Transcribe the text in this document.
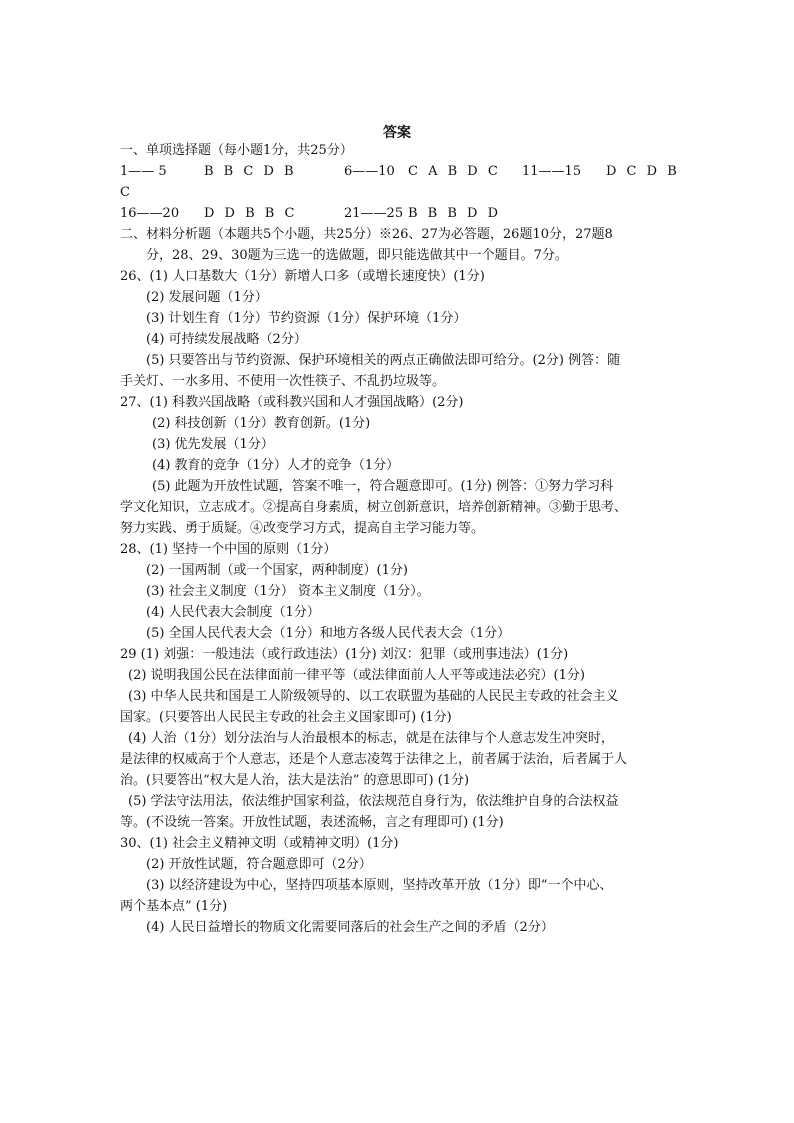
答案
一、单项选择题（每小题1分，共25分）
1—— 5	B B C D B	6——10	C A B D C	11——15	D C D B
C
16——20	D D B B C	21——25 B B B D D
二、材料分析题（本题共5个小题，共25分）※26、27为必答题，26题10分，27题8
分，28、29、30题为三选一的选做题，即只能选做其中一个题目。7分。
26、(1) 人口基数大（1分）新增人口多（或增长速度快）(1分)
(2) 发展问题（1分）
(3) 计划生育（1分）节约资源（1分）保护环境（1分）
(4) 可持续发展战略（2分）
(5) 只要答出与节约资源、保护环境相关的两点正确做法即可给分。(2分) 例答：随
手关灯、一水多用、不使用一次性筷子、不乱扔垃圾等。
27、(1) 科教兴国战略（或科教兴国和人才强国战略）(2分)
(2) 科技创新（1分）教育创新。(1分)
(3) 优先发展（1分）
(4) 教育的竞争（1分）人才的竞争（1分）
(5) 此题为开放性试题，答案不唯一，符合题意即可。(1分) 例答：①努力学习科
学文化知识，立志成才。②提高自身素质，树立创新意识，培养创新精神。③勤于思考、
努力实践、勇于质疑。④改变学习方式，提高自主学习能力等。
28、(1) 坚持一个中国的原则（1分）
(2) 一国两制（或一个国家，两种制度）(1分)
(3) 社会主义制度（1分） 资本主义制度（1分）。
(4) 人民代表大会制度（1分）
(5) 全国人民代表大会（1分）和地方各级人民代表大会（1分）
29 (1) 刘强：一般违法（或行政违法）(1分) 刘汉：犯罪（或刑事违法）(1分)
(2) 说明我国公民在法律面前一律平等（或法律面前人人平等或违法必究）(1分)
(3) 中华人民共和国是工人阶级领导的、以工农联盟为基础的人民民主专政的社会主义
国家。(只要答出人民民主专政的社会主义国家即可) (1分)
(4) 人治（1分）划分法治与人治最根本的标志，就是在法律与个人意志发生冲突时，
是法律的权威高于个人意志，还是个人意志凌驾于法律之上，前者属于法治，后者属于人
治。(只要答出“权大是人治，法大是法治” 的意思即可) (1分)
(5) 学法守法用法，依法维护国家利益，依法规范自身行为，依法维护自身的合法权益
等。(不设统一答案。开放性试题，表述流畅，言之有理即可) (1分)
30、(1) 社会主义精神文明（或精神文明）(1分)
(2) 开放性试题，符合题意即可（2分）
(3) 以经济建设为中心，坚持四项基本原则，坚持改革开放（1分）即“一个中心、
两个基本点” (1分)
(4) 人民日益增长的物质文化需要同落后的社会生产之间的矛盾（2分）
